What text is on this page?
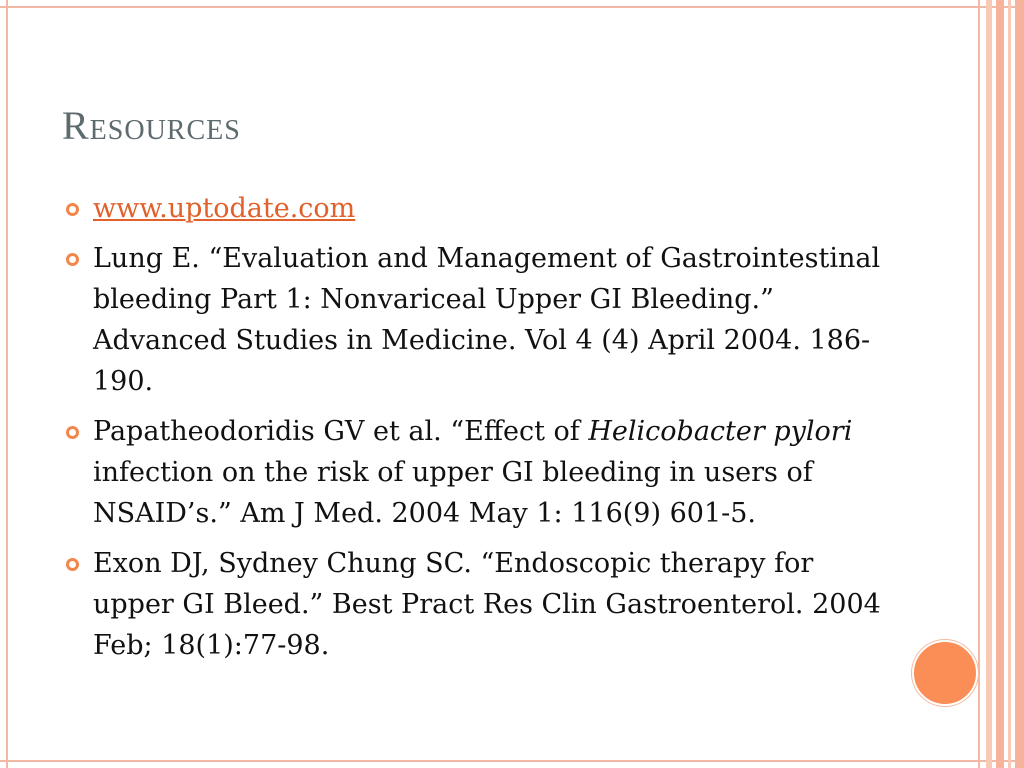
Resources
www.uptodate.com
Lung E. “Evaluation and Management of Gastrointestinal bleeding Part 1: Nonvariceal Upper GI Bleeding.” Advanced Studies in Medicine. Vol 4 (4) April 2004. 186-190.
Papatheodoridis GV et al. “Effect of Helicobacter pylori infection on the risk of upper GI bleeding in users of NSAID’s.” Am J Med. 2004 May 1: 116(9) 601-5.
Exon DJ, Sydney Chung SC. “Endoscopic therapy for upper GI Bleed.” Best Pract Res Clin Gastroenterol. 2004 Feb; 18(1):77-98.
